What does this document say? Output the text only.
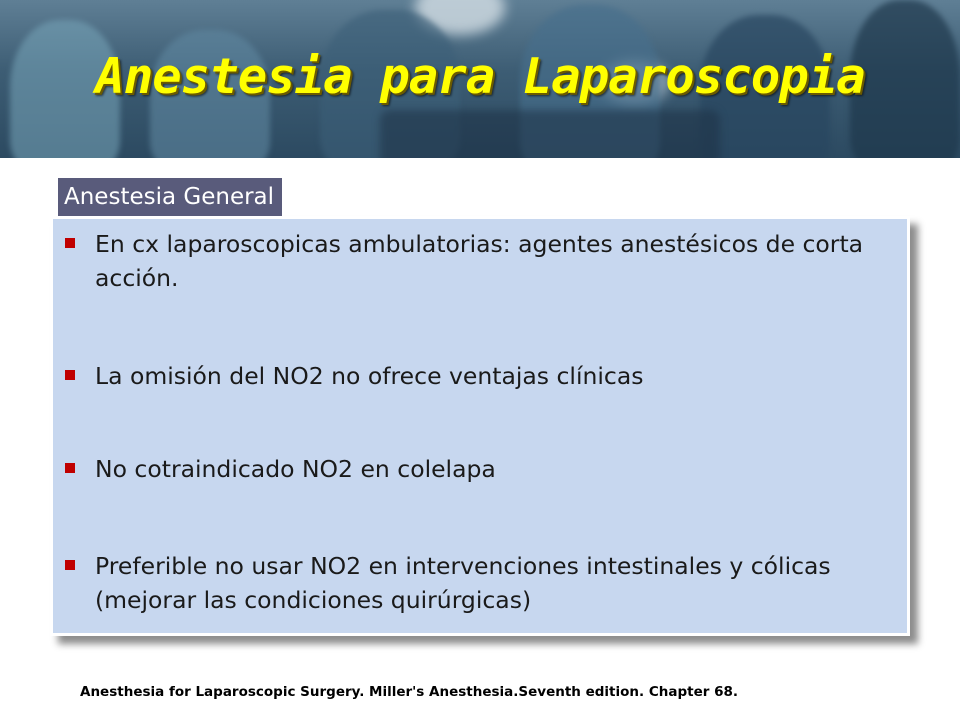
Anestesia para Laparoscopia
Anestesia General
En cx laparoscopicas ambulatorias: agentes anestésicos de corta acción.
La omisión del NO2 no ofrece ventajas clínicas
No cotraindicado NO2 en colelapa
Preferible no usar NO2 en intervenciones intestinales y cólicas (mejorar las condiciones quirúrgicas)
Anesthesia for Laparoscopic Surgery. Miller's Anesthesia.Seventh edition. Chapter 68.
